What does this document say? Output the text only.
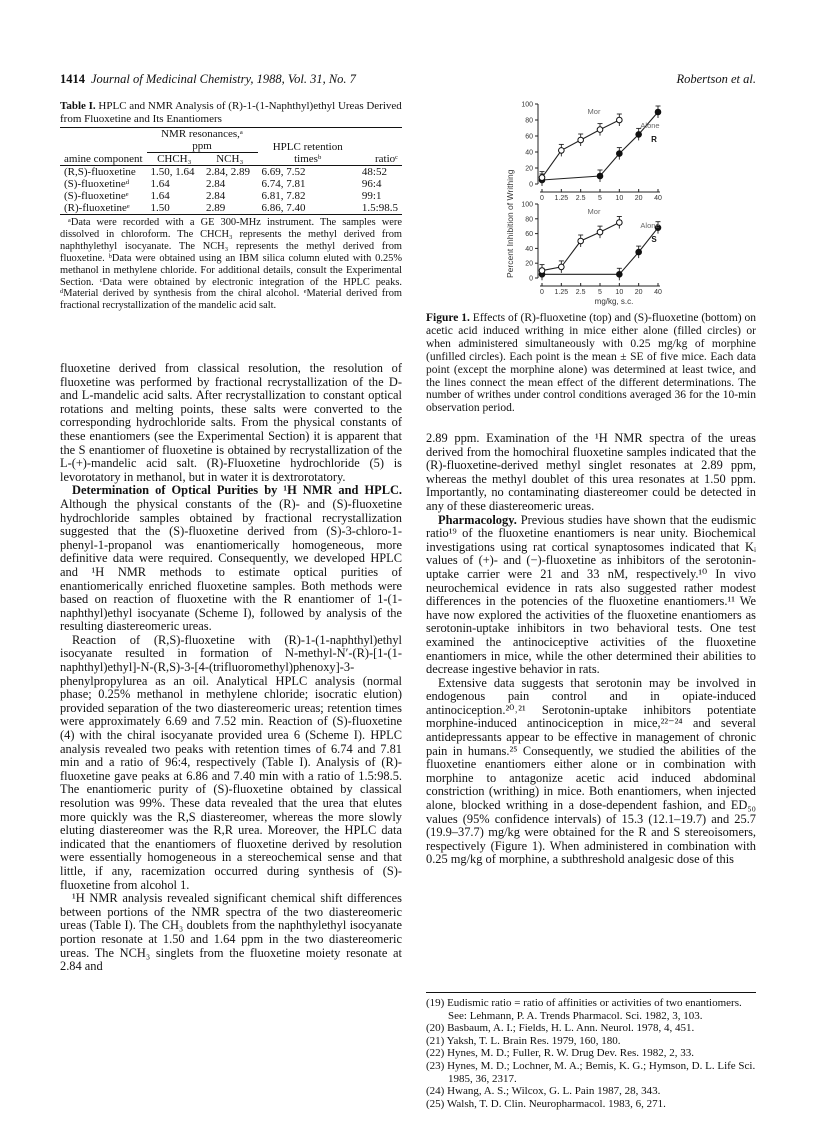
1414 Journal of Medicinal Chemistry, 1988, Vol. 31, No. 7	Robertson et al.
Table I. HPLC and NMR Analysis of (R)-1-(1-Naphthyl)ethyl Ureas Derived from Fluoxetine and Its Enantiomers

	NMR resonances,ᵃ ppm		HPLC retention timesᵇ	
amine component	CHCH₃	NCH₃		ratioᶜ

(R,S)-fluoxetine	1.50, 1.64	2.84, 2.89	6.69, 7.52	48:52
(S)-fluoxetineᵈ	1.64	2.84	6.74, 7.81	96:4
(S)-fluoxetineᵉ	1.64	2.84	6.81, 7.82	99:1
(R)-fluoxetineᵉ	1.50	2.89	6.86, 7.40	1.5:98.5

ᵃData were recorded with a GE 300-MHz instrument. The samples were dissolved in chloroform. The CHCH₃ represents the methyl derived from naphthylethyl isocyanate. The NCH₃ represents the methyl derived from fluoxetine. ᵇData were obtained using an IBM silica column eluted with 0.25% methanol in methylene chloride. For additional details, consult the Experimental Section. ᶜData were obtained by electronic integration of the HPLC peaks. ᵈMaterial derived by synthesis from the chiral alcohol. ᵉMaterial derived from fractional recrystallization of the mandelic acid salt.

fluoxetine derived from classical resolution, the resolution of fluoxetine was performed by fractional recrystallization of the D- and L-mandelic acid salts. After recrystallization to constant optical rotations and melting points, these salts were converted to the corresponding hydrochloride salts. From the physical constants of these enantiomers (see the Experimental Section) it is apparent that the S enantiomer of fluoxetine is obtained by recrystallization of the L-(+)-mandelic acid salt. (R)-Fluoxetine hydrochloride (5) is levorotatory in methanol, but in water it is dextrorotatory.

Determination of Optical Purities by ¹H NMR and HPLC. Although the physical constants of the (R)- and (S)-fluoxetine hydrochloride samples obtained by fractional recrystallization suggested that the (S)-fluoxetine derived from (S)-3-chloro-1-phenyl-1-propanol was enantiomerically homogeneous, more definitive data were required. Consequently, we developed HPLC and ¹H NMR methods to estimate optical purities of enantiomerically enriched fluoxetine samples. Both methods were based on reaction of fluoxetine with the R enantiomer of 1-(1-naphthyl)ethyl isocyanate (Scheme I), followed by analysis of the resulting diastereomeric ureas.

Reaction of (R,S)-fluoxetine with (R)-1-(1-naphthyl)ethyl isocyanate resulted in formation of N-methyl-N′-(R)-[1-(1-naphthyl)ethyl]-N-(R,S)-3-[4-(trifluoromethyl)phenoxy]-3-phenylpropylurea as an oil. Analytical HPLC analysis (normal phase; 0.25% methanol in methylene chloride; isocratic elution) provided separation of the two diastereomeric ureas; retention times were approximately 6.69 and 7.52 min. Reaction of (S)-fluoxetine (4) with the chiral isocyanate provided urea 6 (Scheme I). HPLC analysis revealed two peaks with retention times of 6.74 and 7.81 min and a ratio of 96:4, respectively (Table I). Analysis of (R)-fluoxetine gave peaks at 6.86 and 7.40 min with a ratio of 1.5:98.5. The enantiomeric purity of (S)-fluoxetine obtained by classical resolution was 99%. These data revealed that the urea that elutes more quickly was the R,S diastereomer, whereas the more slowly eluting diastereomer was the R,R urea. Moreover, the HPLC data indicated that the enantiomers of fluoxetine derived by resolution were essentially homogeneous in a stereochemical sense and that little, if any, racemization occurred during synthesis of (S)-fluoxetine from alcohol 1.

¹H NMR analysis revealed significant chemical shift differences between portions of the NMR spectra of the two diastereomeric ureas (Table I). The CH₃ doublets from the naphthylethyl isocyanate portion resonate at 1.50 and 1.64 ppm in the two diastereomeric ureas. The NCH₃ singlets from the fluoxetine moiety resonate at 2.84 and

Percent Inhibition of Writhing 0
20
40
60
80
100
0 1.25 2.5 5 10 20 40
R
Mor
Alone
0
20
40
60
80
100
0 1.25 2.5 5 10 20 40
S
Mor
Alone
mg/kg, s.c.
Figure 1. Effects of (R)-fluoxetine (top) and (S)-fluoxetine (bottom) on acetic acid induced writhing in mice either alone (filled circles) or when administered simultaneously with 0.25 mg/kg of morphine (unfilled circles). Each point is the mean ± SE of five mice. Each data point (except the morphine alone) was determined at least twice, and the lines connect the mean effect of the different determinations. The number of writhes under control conditions averaged 36 for the 10-min observation period.

2.89 ppm. Examination of the ¹H NMR spectra of the ureas derived from the homochiral fluoxetine samples indicated that the (R)-fluoxetine-derived methyl singlet resonates at 2.89 ppm, whereas the methyl doublet of this urea resonates at 1.50 ppm. Importantly, no contaminating diastereomer could be detected in any of these diastereomeric ureas.

Pharmacology. Previous studies have shown that the eudismic ratio¹⁹ of the fluoxetine enantiomers is near unity. Biochemical investigations using rat cortical synaptosomes indicated that Kᵢ values of (+)- and (−)-fluoxetine as inhibitors of the serotonin-uptake carrier were 21 and 33 nM, respectively.¹⁰ In vivo neurochemical evidence in rats also suggested rather modest differences in the potencies of the fluoxetine enantiomers.¹¹ We have now explored the activities of the fluoxetine enantiomers as serotonin-uptake inhibitors in two behavioral tests. One test examined the antinociceptive activities of the fluoxetine enantiomers in mice, while the other determined their abilities to decrease ingestive behavior in rats.

Extensive data suggests that serotonin may be involved in endogenous pain control and in opiate-induced antinociception.²⁰˒²¹ Serotonin-uptake inhibitors potentiate morphine-induced antinociception in mice,²²⁻²⁴ and several antidepressants appear to be effective in management of chronic pain in humans.²⁵ Consequently, we studied the abilities of the fluoxetine enantiomers either alone or in combination with morphine to antagonize acetic acid induced abdominal constriction (writhing) in mice. Both enantiomers, when injected alone, blocked writhing in a dose-dependent fashion, and ED₅₀ values (95% confidence intervals) of 15.3 (12.1–19.7) and 25.7 (19.9–37.7) mg/kg were obtained for the R and S stereoisomers, respectively (Figure 1). When administered in combination with 0.25 mg/kg of morphine, a subthreshold analgesic dose of this

(19) Eudismic ratio = ratio of affinities or activities of two enantiomers. See: Lehmann, P. A. Trends Pharmacol. Sci. 1982, 3, 103.
(20) Basbaum, A. I.; Fields, H. L. Ann. Neurol. 1978, 4, 451.
(21) Yaksh, T. L. Brain Res. 1979, 160, 180.
(22) Hynes, M. D.; Fuller, R. W. Drug Dev. Res. 1982, 2, 33.
(23) Hynes, M. D.; Lochner, M. A.; Bemis, K. G.; Hymson, D. L. Life Sci. 1985, 36, 2317.
(24) Hwang, A. S.; Wilcox, G. L. Pain 1987, 28, 343.
(25) Walsh, T. D. Clin. Neuropharmacol. 1983, 6, 271.
